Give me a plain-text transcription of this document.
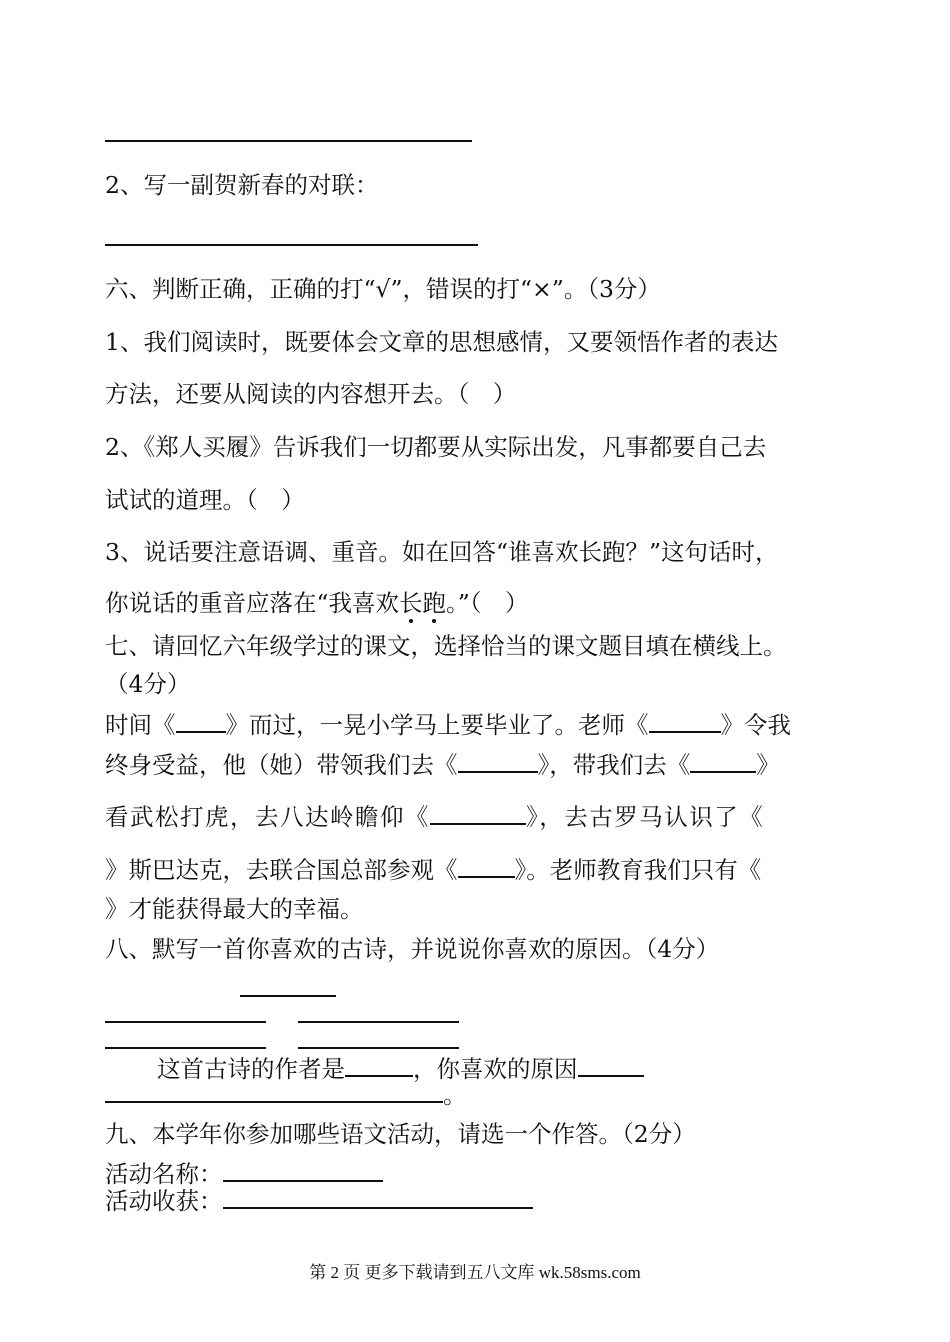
2、写一副贺新春的对联：
六、判断正确，正确的打“√”，错误的打“×”。（3分）
1、我们阅读时，既要体会文章的思想感情，又要领悟作者的表达
方法，还要从阅读的内容想开去。（　）
2、《郑人买履》告诉我们一切都要从实际出发，凡事都要自己去
试试的道理。（　）
3、说话要注意语调、重音。如在回答“谁喜欢长跑？”这句话时，
你说话的重音应落在“我喜欢长跑。”（　）
七、请回忆六年级学过的课文，选择恰当的课文题目填在横线上。
（4分）
时间《 》而过，一晃小学马上要毕业了。老师《	》令我
终身受益，他（她）带领我们去《	》，带我们去《	》
看武松打虎，去八达岭瞻仰《	》，去古罗马认识了《
》斯巴达克，去联合国总部参观《 》。老师教育我们只有《
》才能获得最大的幸福。
八、默写一首你喜欢的古诗，并说说你喜欢的原因。（4分）
这首古诗的作者是	，你喜欢的原因
。
九、本学年你参加哪些语文活动，请选一个作答。（2分）
活动名称：
活动收获：
第 2 页 更多下载请到五八文库 wk.58sms.com
